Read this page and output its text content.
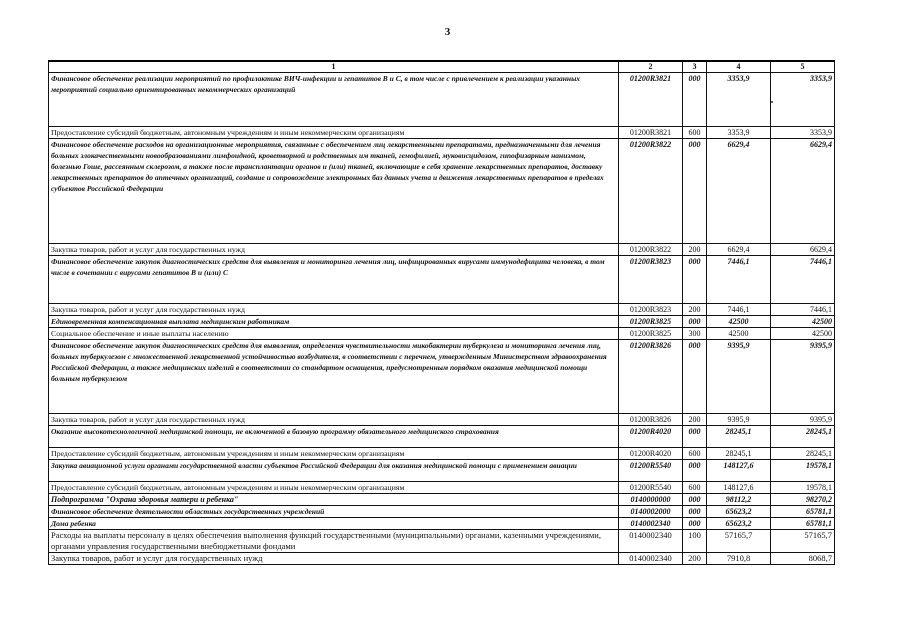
3
1	2	3	4	5
Финансовое обеспечение реализации мероприятий по профилактике ВИЧ-инфекции и гепатитов В и С, в том числе с привлечением к реализации указанных мероприятий социально ориентированных некоммерческих организаций	01200R3821	000	3353,9	3353,9
Предоставление субсидий бюджетным, автономным учреждениям и иным некоммерческим организациям	01200R3821	600	3353,9	3353,9
Финансовое обеспечение расходов на организационные мероприятия, связанные с обеспечением лиц лекарственными препаратами, предназначенными для лечения больных злокачественными новообразованиями лимфоидной, кроветворной и родственных им тканей, гемофилией, муковисцидозом, гипофизарным нанизмом, болезнью Гоше, рассеянным склерозом, а также после трансплантации органов и (или) тканей, включающие в себя хранение лекарственных препаратов, доставку лекарственных препаратов до аптечных организаций, создание и сопровождение электронных баз данных учета и движения лекарственных препаратов в пределах субъектов Российской Федерации	01200R3822	000	6629,4	6629,4
Закупка товаров, работ и услуг для государственных нужд	01200R3822	200	6629,4	6629,4
Финансовое обеспечение закупок диагностических средств для выявления и мониторинга лечения лиц, инфицированных вирусами иммунодефицита человека, в том числе в сочетании с вирусами гепатитов В и (или) С	01200R3823	000	7446,1	7446,1
Закупка товаров, работ и услуг для государственных нужд	01200R3823	200	7446,1	7446,1
Единовременная компенсационная выплата медицинским работникам	01200R3825	000	42500	42500
Социальное обеспечение и иные выплаты населению	01200R3825	300	42500	42500
Финансовое обеспечение закупок диагностических средств для выявления, определения чувствительности микобактерии туберкулеза и мониторинга лечения лиц, больных туберкулезом с множественной лекарственной устойчивостью возбудителя, в соответствии с перечнем, утвержденным Министерством здравоохранения Российской Федерации, а также медицинских изделий в соответствии со стандартом оснащения, предусмотренным порядком оказания медицинской помощи больным туберкулезом	01200R3826	000	9395,9	9395,9
Закупка товаров, работ и услуг для государственных нужд	01200R3826	200	9395,9	9395,9
Оказание высокотехнологичной медицинской помощи, не включенной в базовую программу обязательного медицинского страхования	01200R4020	000	28245,1	28245,1
Предоставление субсидий бюджетным, автономным учреждениям и иным некоммерческим организациям	01200R4020	600	28245,1	28245,1
Закупка авиационной услуги органами государственной власти субъектов Российской Федерации для оказания медицинской помощи с применением авиации	01200R5540	000	148127,6	19578,1
Предоставление субсидий бюджетным, автономным учреждениям и иным некоммерческим организациям	01200R5540	600	148127,6	19578,1
Подпрограмма "Охрана здоровья матери и ребенка"	0140000000	000	98112,2	98270,2
Финансовое обеспечение деятельности областных государственных учреждений	0140002000	000	65623,2	65781,1
Дома ребенка	0140002340	000	65623,2	65781,1
Расходы на выплаты персоналу в целях обеспечения выполнения функций государственными (муниципальными) органами, казенными учреждениями, органами управления государственными внебюджетными фондами	0140002340	100	57165,7	57165,7
Закупка товаров, работ и услуг для государственных нужд	0140002340	200	7910,8	8068,7
